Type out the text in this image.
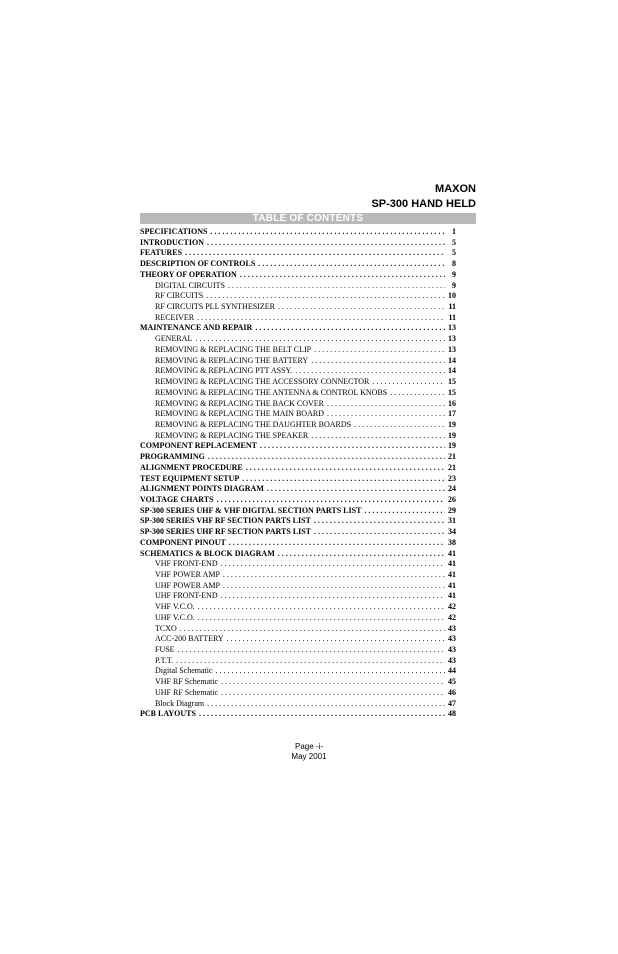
MAXON
SP-300 HAND HELD
TABLE OF CONTENTS
SPECIFICATIONS . . .	1
INTRODUCTION . . .	5
FEATURES . . .	5
DESCRIPTION OF CONTROLS . . .	8
THEORY OF OPERATION . . .	9
DIGITAL CIRCUITS . . .	9
RF CIRCUITS . . .	10
RF CIRCUITS PLL SYNTHESIZER . . .	11
RECEIVER . . .	11
MAINTENANCE AND REPAIR . . .	13
GENERAL . . .	13
REMOVING & REPLACING THE BELT CLIP . . .	13
REMOVING & REPLACING THE BATTERY . . .	14
REMOVING & REPLACING PTT ASSY. . . .	14
REMOVING & REPLACING THE ACCESSORY CONNECTOR . . .	15
REMOVING & REPLACING THE ANTENNA & CONTROL KNOBS . . .	15
REMOVING & REPLACING THE BACK COVER . . .	16
REMOVING & REPLACING THE MAIN BOARD . . .	17
REMOVING & REPLACING THE DAUGHTER BOARDS . . .	19
REMOVING & REPLACING THE SPEAKER . . .	19
COMPONENT REPLACEMENT . . .	19
PROGRAMMING . . .	21
ALIGNMENT PROCEDURE . . .	21
TEST EQUIPMENT SETUP . . .	23
ALIGNMENT POINTS DIAGRAM . . .	24
VOLTAGE CHARTS . . .	26
SP-300 SERIES UHF & VHF DIGITAL SECTION PARTS LIST . . .	29
SP-300 SERIES VHF RF SECTION PARTS LIST . . .	31
SP-300 SERIES UHF RF SECTION PARTS LIST . . .	34
COMPONENT PINOUT . . .	38
SCHEMATICS & BLOCK DIAGRAM . . .	41
VHF FRONT-END . . .	41
VHF POWER AMP . . .	41
UHF POWER AMP . . .	41
UHF FRONT-END . . .	41
VHF V.C.O. . . .	42
UHF V.C.O. . . .	42
TCXO . . .	43
ACC-200 BATTERY . . .	43
FUSE . . .	43
P.T.T. . . .	43
Digital Schematic . . .	44
VHF RF Schematic . . .	45
UHF RF Schematic . . .	46
Block Diagram . . .	47
PCB LAYOUTS . . .	48
Page -i-
May 2001
